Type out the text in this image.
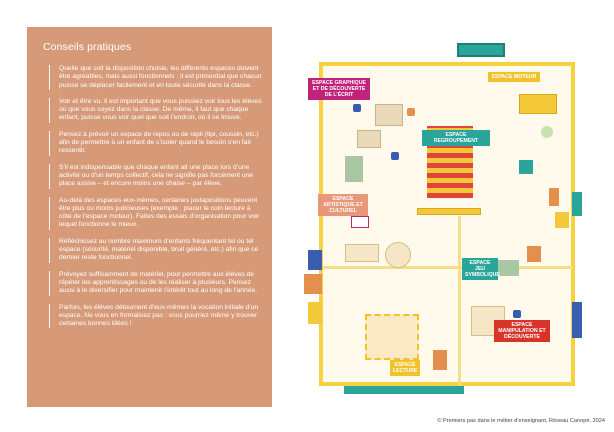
Conseils pratiques
Quelle que soit la disposition choisie, les différents espaces doivent être agréables, mais aussi fonctionnels : il est primordial que chacun puisse se déplacer facilement et en toute sécurité dans la classe.
Voir et être vu. Il est important que vous puissiez voir tous les élèves où que vous soyez dans la classe. De même, il faut que chaque enfant, puisse vous voir quel que soit l’endroit, où il se trouve.
Pensez à prévoir un espace de repos ou de repli (tipi, coussin, etc.) afin de permettre à un enfant de s’isoler quand le besoin s’en fait ressentir.
S’il est indispensable que chaque enfant ait une place lors d’une activité ou d’un temps collectif, cela ne signifie pas forcément une place assise – et encore moins une chaise – par élève.
Au-delà des espaces eux-mêmes, certaines juxtapositions peuvent être plus ou moins judicieuses (exemple : placer le coin lecture à côté de l’espace moteur). Faites des essais d’organisation pour voir lequel fonctionne le mieux.
Réfléchissez au nombre maximum d’enfants fréquentant tel ou tel espace (sécurité, matériel disponible, bruit généré, etc.) afin que ce dernier reste fonctionnel.
Prévoyez suffisamment de matériel, pour permettre aux élèves de répéter les apprentissages ou de les réaliser à plusieurs. Pensez aussi à le diversifier pour maintenir l’intérêt tout au long de l’année.
Parfois, les élèves détournent d’eux-mêmes la vocation initiale d’un espace. Ne vous en formalisez pas : vous pourriez même y trouver certaines bonnes idées !
ESPACE GRAPHIQUE ET DE DÉCOUVERTE DE L’ÉCRIT
ESPACE MOTEUR
ESPACE REGROUPEMENT
ESPACE ARTISTIQUE ET CULTUREL
ESPACE JEU SYMBOLIQUE
ESPACE MANIPULATION ET DÉCOUVERTE
ESPACE LECTURE
© Premiers pas dans le métier d’enseignant, Réseau Canopé, 2024
